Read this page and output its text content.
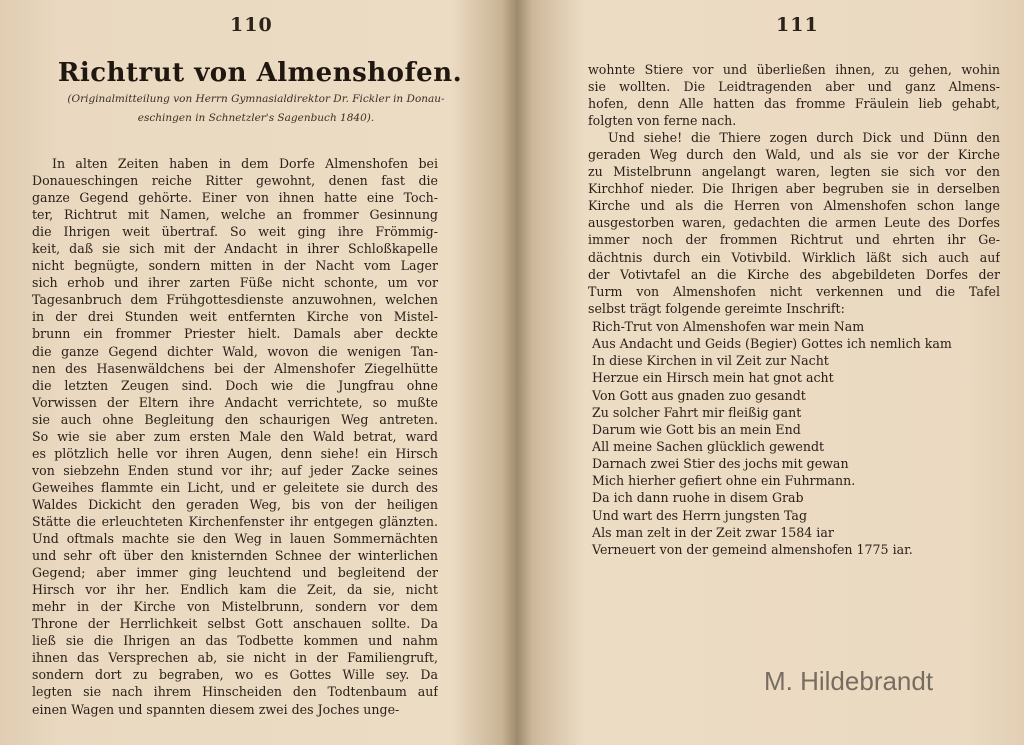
110
Richtrut von Almenshofen.
(Originalmitteilung von Herrn Gymnasialdirektor Dr. Fickler in Donau-
eschingen in Schnetzler's Sagenbuch 1840).
In alten Zeiten haben in dem Dorfe Almenshofen bei
Donaueschingen reiche Ritter gewohnt, denen fast die
ganze Gegend gehörte. Einer von ihnen hatte eine Toch-
ter, Richtrut mit Namen, welche an frommer Gesinnung
die Ihrigen weit übertraf. So weit ging ihre Frömmig-
keit, daß sie sich mit der Andacht in ihrer Schloßkapelle
nicht begnügte, sondern mitten in der Nacht vom Lager
sich erhob und ihrer zarten Füße nicht schonte, um vor
Tagesanbruch dem Frühgottesdienste anzuwohnen, welchen
in der drei Stunden weit entfernten Kirche von Mistel-
brunn ein frommer Priester hielt. Damals aber deckte
die ganze Gegend dichter Wald, wovon die wenigen Tan-
nen des Hasenwäldchens bei der Almenshofer Ziegelhütte
die letzten Zeugen sind. Doch wie die Jungfrau ohne
Vorwissen der Eltern ihre Andacht verrichtete, so mußte
sie auch ohne Begleitung den schaurigen Weg antreten.
So wie sie aber zum ersten Male den Wald betrat, ward
es plötzlich helle vor ihren Augen, denn siehe! ein Hirsch
von siebzehn Enden stund vor ihr; auf jeder Zacke seines
Geweihes flammte ein Licht, und er geleitete sie durch des
Waldes Dickicht den geraden Weg, bis von der heiligen
Stätte die erleuchteten Kirchenfenster ihr entgegen glänzten.
Und oftmals machte sie den Weg in lauen Sommernächten
und sehr oft über den knisternden Schnee der winterlichen
Gegend; aber immer ging leuchtend und begleitend der
Hirsch vor ihr her. Endlich kam die Zeit, da sie, nicht
mehr in der Kirche von Mistelbrunn, sondern vor dem
Throne der Herrlichkeit selbst Gott anschauen sollte. Da
ließ sie die Ihrigen an das Todbette kommen und nahm
ihnen das Versprechen ab, sie nicht in der Familiengruft,
sondern dort zu begraben, wo es Gottes Wille sey. Da
legten sie nach ihrem Hinscheiden den Todtenbaum auf
einen Wagen und spannten diesem zwei des Joches unge-
111
wohnte Stiere vor und überließen ihnen, zu gehen, wohin
sie wollten. Die Leidtragenden aber und ganz Almens-
hofen, denn Alle hatten das fromme Fräulein lieb gehabt,
folgten von ferne nach.
Und siehe! die Thiere zogen durch Dick und Dünn den
geraden Weg durch den Wald, und als sie vor der Kirche
zu Mistelbrunn angelangt waren, legten sie sich vor den
Kirchhof nieder. Die Ihrigen aber begruben sie in derselben
Kirche und als die Herren von Almenshofen schon lange
ausgestorben waren, gedachten die armen Leute des Dorfes
immer noch der frommen Richtrut und ehrten ihr Ge-
dächtnis durch ein Votivbild. Wirklich läßt sich auch auf
der Votivtafel an die Kirche des abgebildeten Dorfes der
Turm von Almenshofen nicht verkennen und die Tafel
selbst trägt folgende gereimte Inschrift:
Rich-Trut von Almenshofen war mein Nam
Aus Andacht und Geids (Begier) Gottes ich nemlich kam
In diese Kirchen in vil Zeit zur Nacht
Herzue ein Hirsch mein hat gnot acht
Von Gott aus gnaden zuo gesandt
Zu solcher Fahrt mir fleißig gant
Darum wie Gott bis an mein End
All meine Sachen glücklich gewendt
Darnach zwei Stier des jochs mit gewan
Mich hierher gefiert ohne ein Fuhrmann.
Da ich dann ruohe in disem Grab
Und wart des Herrn jungsten Tag
Als man zelt in der Zeit zwar 1584 iar
Verneuert von der gemeind almenshofen 1775 iar.
M. Hildebrandt
